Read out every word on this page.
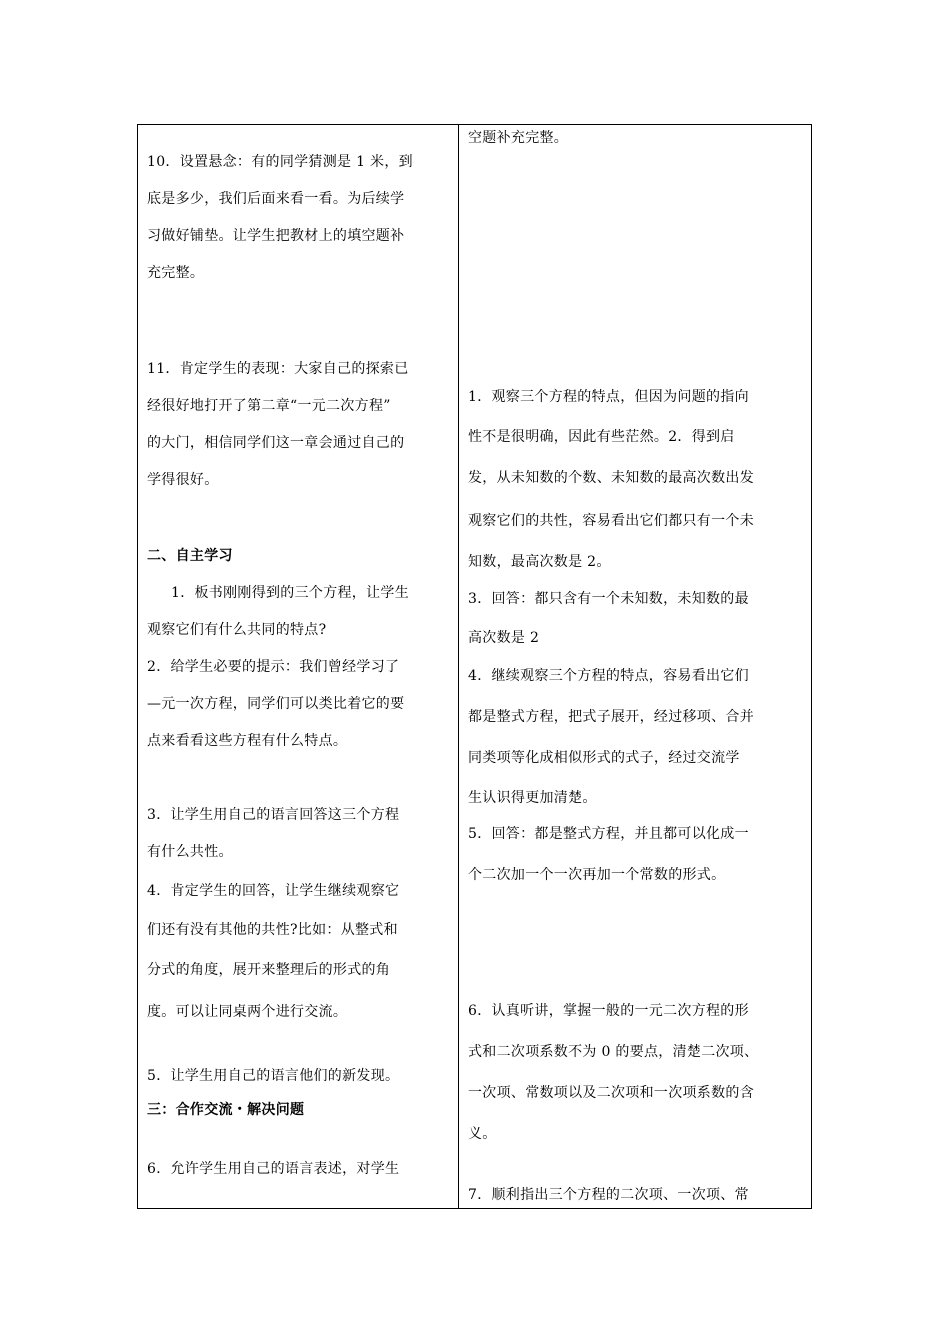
10．设置悬念：有的同学猜测是 1 米，到
底是多少，我们后面来看一看。为后续学
习做好铺垫。让学生把教材上的填空题补
充完整。
11．肯定学生的表现：大家自己的探索已
经很好地打开了第二章“一元二次方程”
的大门，相信同学们这一章会通过自己的
学得很好。
二、自主学习
1．板书刚刚得到的三个方程，让学生
观察它们有什么共同的特点?
2．给学生必要的提示：我们曾经学习了
—元一次方程，同学们可以类比着它的要
点来看看这些方程有什么特点。
3．让学生用自己的语言回答这三个方程
有什么共性。
4．肯定学生的回答，让学生继续观察它
们还有没有其他的共性?比如：从整式和
分式的角度，展开来整理后的形式的角
度。可以让同桌两个进行交流。
5．让学生用自己的语言他们的新发现。
三：合作交流・解决问题
6．允许学生用自己的语言表述，对学生
空题补充完整。
1．观察三个方程的特点，但因为问题的指向
性不是很明确，因此有些茫然。2．得到启
发，从未知数的个数、未知数的最高次数出发
观察它们的共性，容易看出它们都只有一个未
知数，最高次数是 2。
3．回答：都只含有一个未知数，未知数的最
高次数是 2
4．继续观察三个方程的特点，容易看出它们
都是整式方程，把式子展开，经过移项、合并
同类项等化成相似形式的式子，经过交流学
生认识得更加清楚。
5．回答：都是整式方程，并且都可以化成一
个二次加一个一次再加一个常数的形式。
6．认真听讲，掌握一般的一元二次方程的形
式和二次项系数不为 0 的要点，清楚二次项、
一次项、常数项以及二次项和一次项系数的含
义。
7．顺利指出三个方程的二次项、一次项、常
